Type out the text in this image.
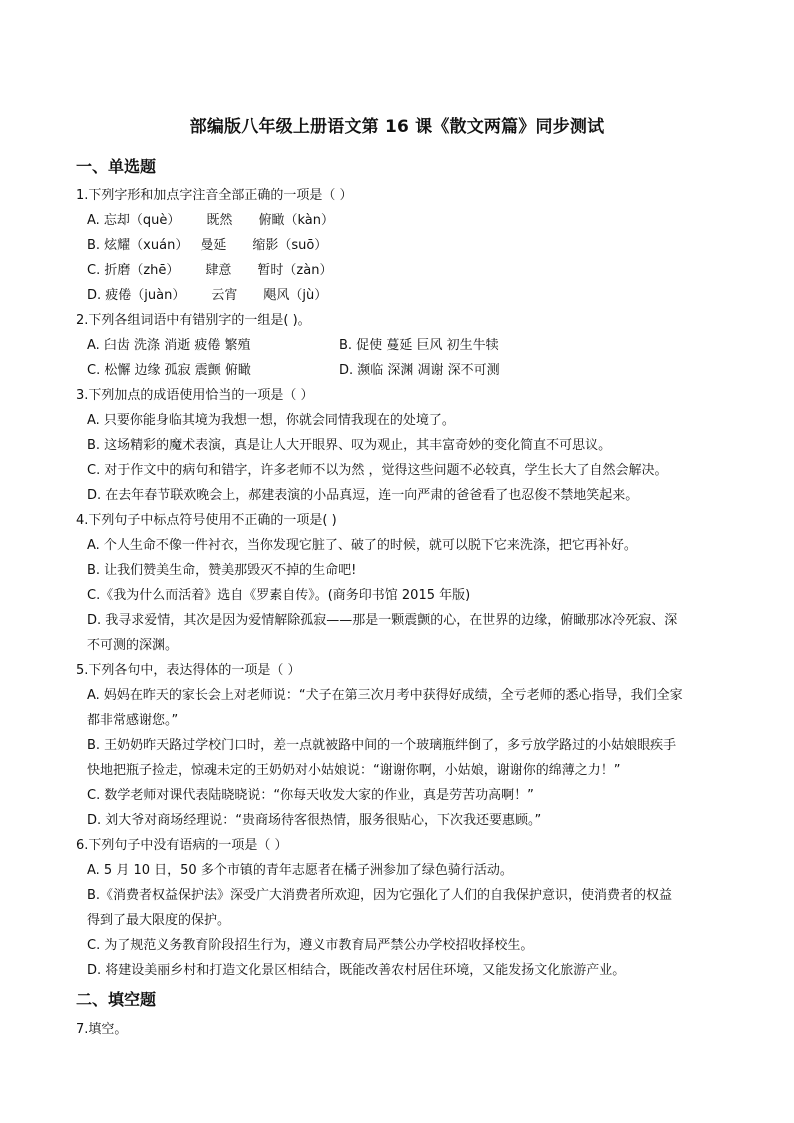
部编版八年级上册语文第 16 课《散文两篇》同步测试
一、单选题
1.下列字形和加点字注音全部正确的一项是（ ）
A. 忘却（què） 既然 俯瞰（kàn）
B. 炫耀（xuán） 曼延 缩影（suō）
C. 折磨（zhē） 肆意 暂时（zàn）
D. 疲倦（juàn） 云宵 飓风（jù）
2.下列各组词语中有错别字的一组是( )。
A. 臼齿 洗涤 消逝 疲倦 繁殖	B. 促使 蔓延 巨风 初生牛犊
C. 松懈 边缘 孤寂 震颤 俯瞰	D. 濒临 深渊 凋谢 深不可测
3.下列加点的成语使用恰当的一项是（ ）
A. 只要你能身临其境为我想一想，你就会同情我现在的处境了。
B. 这场精彩的魔术表演，真是让人大开眼界、叹为观止，其丰富奇妙的变化简直不可思议。
C. 对于作文中的病句和错字，许多老师不以为然 ，觉得这些问题不必较真，学生长大了自然会解决。
D. 在去年春节联欢晚会上，郝建表演的小品真逗，连一向严肃的爸爸看了也忍俊不禁地笑起来。
4.下列句子中标点符号使用不正确的一项是( )
A. 个人生命不像一件衬衣，当你发现它脏了、破了的时候，就可以脱下它来洗涤，把它再补好。
B. 让我们赞美生命，赞美那毁灭不掉的生命吧!
C.《我为什么而活着》选自《罗素自传》。(商务印书馆 2015 年版)
D. 我寻求爱情，其次是因为爱情解除孤寂——那是一颗震颤的心，在世界的边缘，俯瞰那冰冷死寂、深
不可测的深渊。
5.下列各句中，表达得体的一项是（ ）
A. 妈妈在昨天的家长会上对老师说：“犬子在第三次月考中获得好成绩，全亏老师的悉心指导，我们全家
都非常感谢您。”
B. 王奶奶昨天路过学校门口时，差一点就被路中间的一个玻璃瓶绊倒了，多亏放学路过的小姑娘眼疾手
快地把瓶子捡走，惊魂未定的王奶奶对小姑娘说：“谢谢你啊，小姑娘，谢谢你的绵薄之力！”
C. 数学老师对课代表陆晓晓说：“你每天收发大家的作业，真是劳苦功高啊！”
D. 刘大爷对商场经理说：“贵商场待客很热情，服务很贴心，下次我还要惠顾。”
6.下列句子中没有语病的一项是（ ）
A. 5 月 10 日，50 多个市镇的青年志愿者在橘子洲参加了绿色骑行活动。
B.《消费者权益保护法》深受广大消费者所欢迎，因为它强化了人们的自我保护意识，使消费者的权益
得到了最大限度的保护。
C. 为了规范义务教育阶段招生行为，遵义市教育局严禁公办学校招收择校生。
D. 将建设美丽乡村和打造文化景区相结合，既能改善农村居住环境，又能发扬文化旅游产业。
二、填空题
7.填空。
